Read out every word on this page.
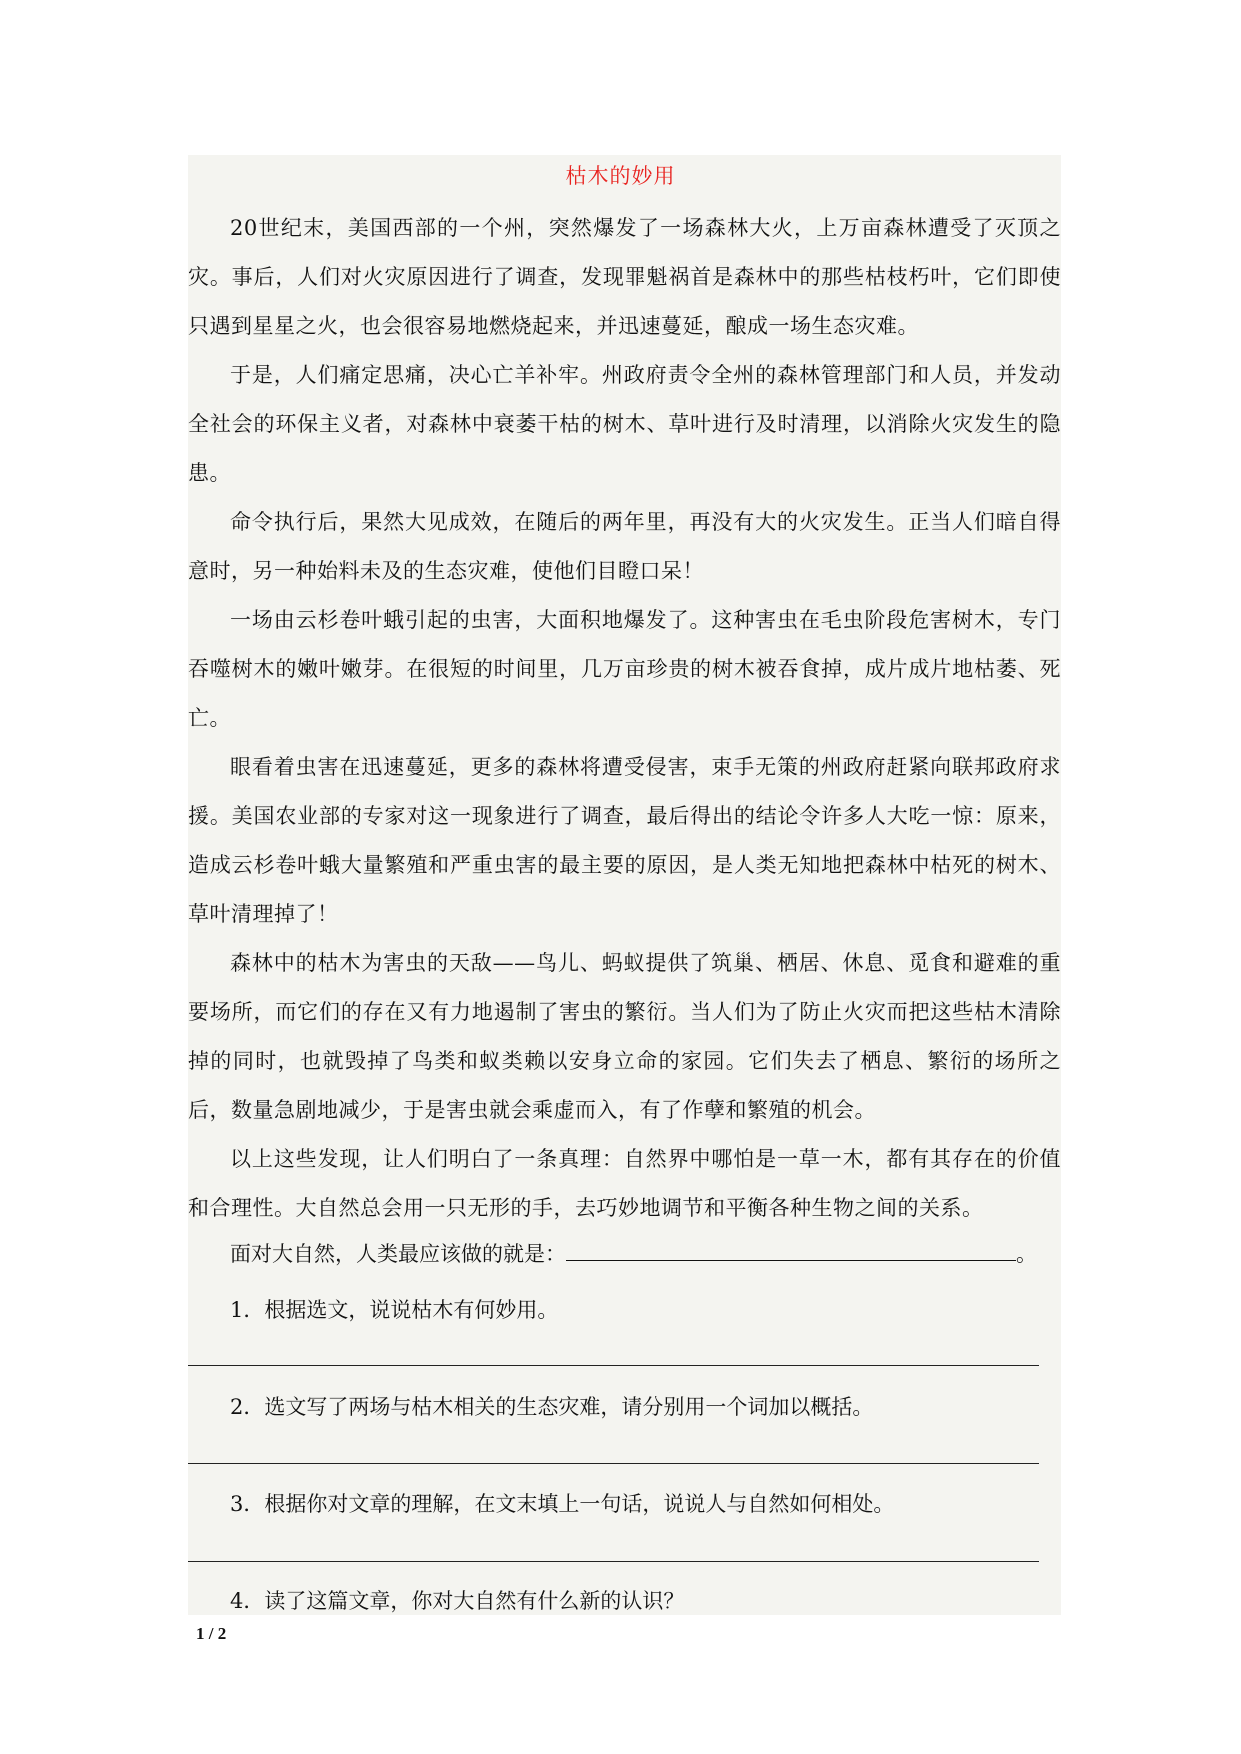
枯木的妙用

20世纪末，美国西部的一个州，突然爆发了一场森林大火，上万亩森林遭受了灭顶之灾。事后，人们对火灾原因进行了调查，发现罪魁祸首是森林中的那些枯枝朽叶，它们即使只遇到星星之火，也会很容易地燃烧起来，并迅速蔓延，酿成一场生态灾难。

于是，人们痛定思痛，决心亡羊补牢。州政府责令全州的森林管理部门和人员，并发动全社会的环保主义者，对森林中衰萎干枯的树木、草叶进行及时清理，以消除火灾发生的隐患。

命令执行后，果然大见成效，在随后的两年里，再没有大的火灾发生。正当人们暗自得意时，另一种始料未及的生态灾难，使他们目瞪口呆！

一场由云杉卷叶蛾引起的虫害，大面积地爆发了。这种害虫在毛虫阶段危害树木，专门吞噬树木的嫩叶嫩芽。在很短的时间里，几万亩珍贵的树木被吞食掉，成片成片地枯萎、死亡。

眼看着虫害在迅速蔓延，更多的森林将遭受侵害，束手无策的州政府赶紧向联邦政府求援。美国农业部的专家对这一现象进行了调查，最后得出的结论令许多人大吃一惊：原来，造成云杉卷叶蛾大量繁殖和严重虫害的最主要的原因，是人类无知地把森林中枯死的树木、草叶清理掉了！

森林中的枯木为害虫的天敌——鸟儿、蚂蚁提供了筑巢、栖居、休息、觅食和避难的重要场所，而它们的存在又有力地遏制了害虫的繁衍。当人们为了防止火灾而把这些枯木清除掉的同时，也就毁掉了鸟类和蚁类赖以安身立命的家园。它们失去了栖息、繁衍的场所之后，数量急剧地减少，于是害虫就会乘虚而入，有了作孽和繁殖的机会。

以上这些发现，让人们明白了一条真理：自然界中哪怕是一草一木，都有其存在的价值和合理性。大自然总会用一只无形的手，去巧妙地调节和平衡各种生物之间的关系。

面对大自然，人类最应该做的就是：	。
1．根据选文，说说枯木有何妙用。
2．选文写了两场与枯木相关的生态灾难，请分别用一个词加以概括。
3．根据你对文章的理解，在文末填上一句话，说说人与自然如何相处。
4．读了这篇文章，你对大自然有什么新的认识？
1 / 2
